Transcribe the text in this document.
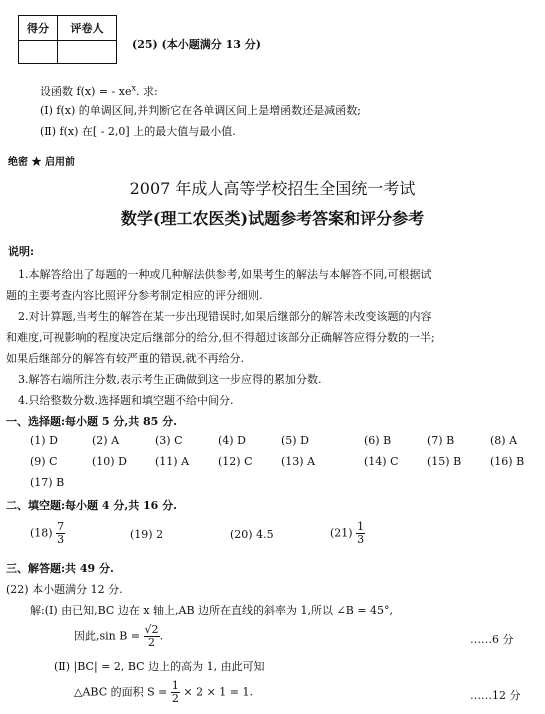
得分	评卷人

(25) (本小题满分 13 分)
设函数 f(x) = - $xe^x$. 求:
(Ⅰ) f(x) 的单调区间,并判断它在各单调区间上是增函数还是减函数;
(Ⅱ) f(x) 在[ - 2,0] 上的最大值与最小值.
绝密 ★ 启用前
2007 年成人高等学校招生全国统一考试
数学(理工农医类)试题参考答案和评分参考
说明:
1.本解答给出了每题的一种或几种解法供参考,如果考生的解法与本解答不同,可根据试
题的主要考查内容比照评分参考制定相应的评分细则.
2.对计算题,当考生的解答在某一步出现错误时,如果后继部分的解答未改变该题的内容
和难度,可视影响的程度决定后继部分的给分,但不得超过该部分正确解答应得分数的一半;
如果后继部分的解答有较严重的错误,就不再给分.
3.解答右端所注分数,表示考生正确做到这一步应得的累加分数.
4.只给整数分数.选择题和填空题不给中间分.
一、选择题:每小题 5 分,共 85 分.
(1) D	(2) A	(3) C	(4) D	(5) D	(6) B	(7) B	(8) A
(9) C	(10) D	(11) A	(12) C	(13) A	(14) C	(15) B	(16) B
(17) B
二、填空题:每小题 4 分,共 16 分.
$(18) \frac{7}{3}$	(19) 2	(20) 4.5	$(21) \frac{1}{3}$
三、解答题:共 49 分.
(22) 本小题满分 12 分.
解:(Ⅰ) 由已知,BC 边在 x 轴上,AB 边所在直线的斜率为 1,所以 ∠B = 45°,
因此,sin $B = \frac{√2}{2}$ .	……6 分
(Ⅱ) |BC| = 2, BC 边上的高为 1, 由此可知
△ABC 的面积 $S = \frac{1}{2} \times 2 \times 1 = 1$.	……12 分
